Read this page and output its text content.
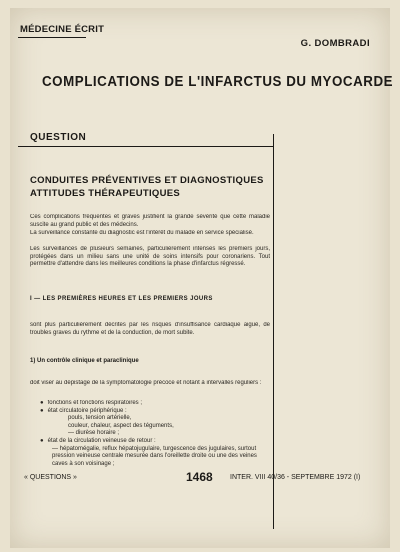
MÉDECINE ÉCRIT
G. DOMBRADI
COMPLICATIONS DE L'INFARCTUS DU MYOCARDE
QUESTION
CONDUITES PRÉVENTIVES ET DIAGNOSTIQUES
ATTITUDES THÉRAPEUTIQUES
Ces complications fréquentes et graves justifient la grande sévérité que cette maladie suscite au grand public et des médecins.
La surveillance constante du diagnostic est l'intérêt du malade en service spécialisé.
Les surveillances de plusieurs semaines, particulièrement intenses les premiers jours, protégées dans un milieu sans une unité de soins intensifs pour coronariens. Tout permettre d'attendre dans les meilleures conditions la phase d'infarctus régressé.
I — LES PREMIÈRES HEURES ET LES PREMIERS JOURS
sont plus particulièrement décrites par les risques d'insuffisance cardiaque aiguë, de troubles graves du rythme et de la conduction, de mort subite.
1) Un contrôle clinique et paraclinique
doit viser au dépistage de la symptomatologie précoce et notant à intervalles réguliers :
● fonctions et fonctions respiratoires ;
● état circulatoire périphérique :
pouls, tension artérielle,
couleur, chaleur, aspect des téguments,
— diurèse horaire ;
● état de la circulation veineuse de retour :
— hépatomégalie, reflux hépatojugulaire, turgescence des jugulaires, surtout pression veineuse centrale mesurée dans l'oreillette droite ou une des veines caves à son voisinage ;
« QUESTIONS »	1468 INTER. VIII 40/36 - SEPTEMBRE 1972 (I)
